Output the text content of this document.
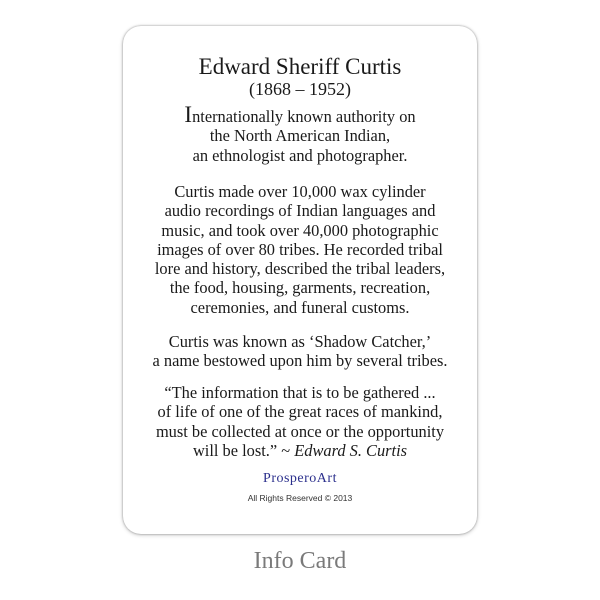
Edward Sheriff Curtis
(1868 – 1952)
Internationally known authority on
the North American Indian,
an ethnologist and photographer.
Curtis made over 10,000 wax cylinder
audio recordings of Indian languages and
music, and took over 40,000 photographic
images of over 80 tribes. He recorded tribal
lore and history, described the tribal leaders,
the food, housing, garments, recreation,
ceremonies, and funeral customs.
Curtis was known as ‘Shadow Catcher,’
a name bestowed upon him by several tribes.
“The information that is to be gathered ...
of life of one of the great races of mankind,
must be collected at once or the opportunity
will be lost.” ~ Edward S. Curtis
ProsperoArt
All Rights Reserved © 2013
Info Card
